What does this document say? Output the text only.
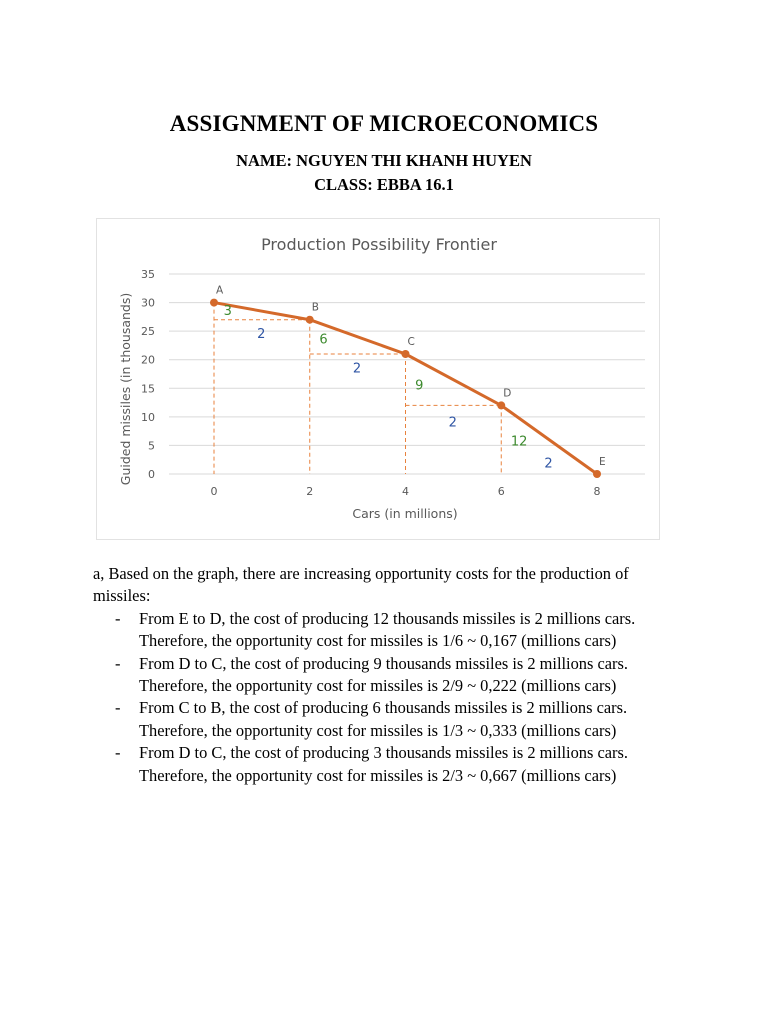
ASSIGNMENT OF MICROECONOMICS

NAME: NGUYEN THI KHANH HUYEN

CLASS: EBBA 16.1

Production Possibility Frontier
A
B
C
D
E
3
6
9
12
2
2
2
2
0
5
10
15
20
25
30
35
0	2	4	6	8
Cars (in millions)
Guided missiles (in thousands)

a, Based on the graph, there are increasing opportunity costs for the production of missiles:

- From E to D, the cost of producing 12 thousands missiles is 2 millions cars. Therefore, the opportunity cost for missiles is 1/6 ~ 0,167 (millions cars)
- From D to C, the cost of producing 9 thousands missiles is 2 millions cars. Therefore, the opportunity cost for missiles is 2/9 ~ 0,222 (millions cars)
- From C to B, the cost of producing 6 thousands missiles is 2 millions cars. Therefore, the opportunity cost for missiles is 1/3 ~ 0,333 (millions cars)
- From D to C, the cost of producing 3 thousands missiles is 2 millions cars. Therefore, the opportunity cost for missiles is 2/3 ~ 0,667 (millions cars)
